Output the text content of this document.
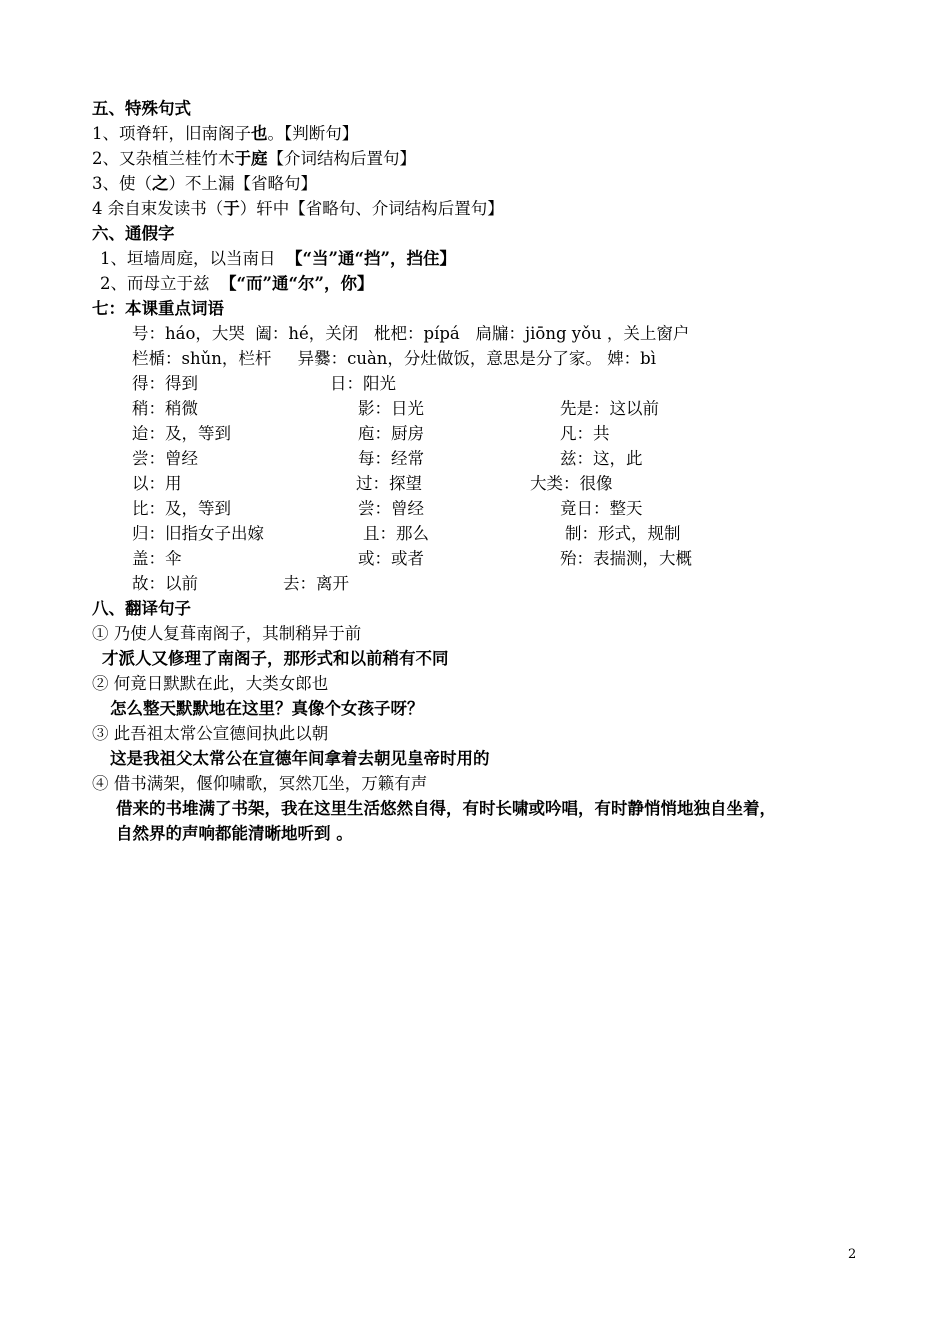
五、特殊句式
1、项脊轩，旧南阁子也。【判断句】
2、又杂植兰桂竹木于庭【介词结构后置句】
3、使（之）不上漏【省略句】
4 余自束发读书（于）轩中【省略句、介词结构后置句】
六、通假字
1、垣墙周庭，以当南日 【“当”通“挡”，挡住】
2、而母立于兹 【“而”通“尔”，你】
七：本课重点词语
号：háo，大哭  阖：hé，关闭   枇杷：pípá   扃牖：jiōng yǒu ，关上窗户
栏楯：shǔn，栏杆     异爨：cuàn，分灶做饭，意思是分了家。 婢：bì
得：得到	日：阳光
稍：稍微	影：日光	先是：这以前
迨：及，等到	庖：厨房	凡：共
尝：曾经	每：经常	兹：这，此
以：用	过：探望	大类：很像
比：及，等到	尝：曾经	竟日：整天
归：旧指女子出嫁	且：那么	制：形式，规制
盖：伞	或：或者	殆：表揣测，大概
故：以前	去：离开
八、翻译句子
① 乃使人复葺南阁子，其制稍异于前
才派人又修理了南阁子，那形式和以前稍有不同
② 何竟日默默在此，大类女郎也
怎么整天默默地在这里？真像个女孩子呀？
③ 此吾祖太常公宣德间执此以朝
这是我祖父太常公在宣德年间拿着去朝见皇帝时用的
④ 借书满架，偃仰啸歌，冥然兀坐，万籁有声
借来的书堆满了书架，我在这里生活悠然自得，有时长啸或吟唱，有时静悄悄地独自坐着，
自然界的声响都能清晰地听到 。
2
